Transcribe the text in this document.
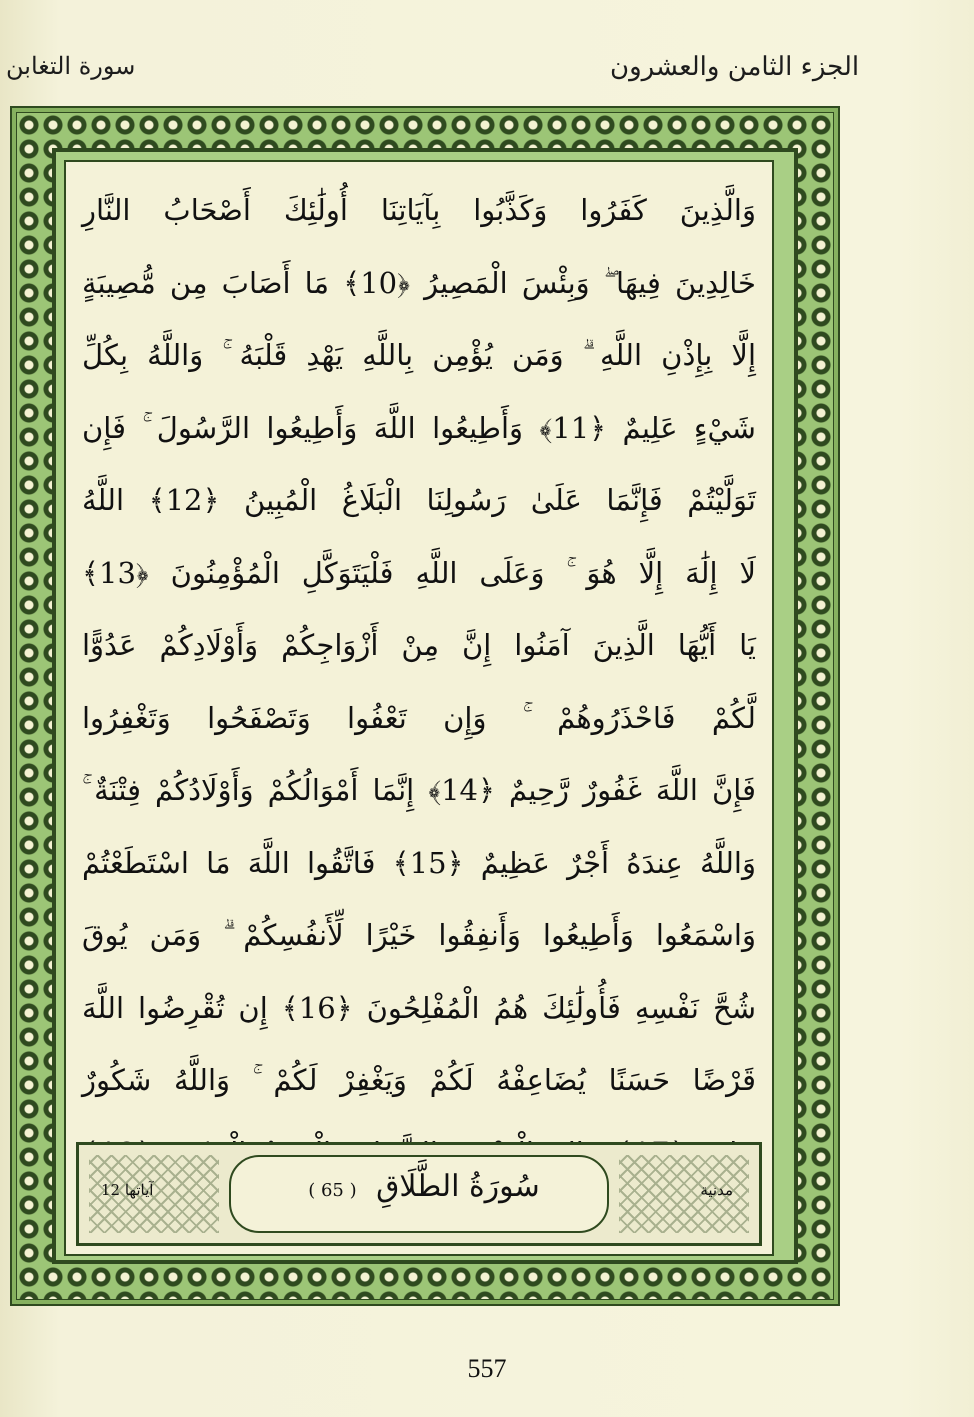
الجزء الثامن والعشرون
سورة التغابن
وَالَّذِينَ كَفَرُوا وَكَذَّبُوا بِآيَاتِنَا أُولَٰئِكَ أَصْحَابُ النَّارِ
خَالِدِينَ فِيهَا ۖ وَبِئْسَ الْمَصِيرُ ﴿10﴾ مَا أَصَابَ مِن مُّصِيبَةٍ
إِلَّا بِإِذْنِ اللَّهِ ۗ وَمَن يُؤْمِن بِاللَّهِ يَهْدِ قَلْبَهُ ۚ وَاللَّهُ بِكُلِّ
شَيْءٍ عَلِيمٌ ﴿11﴾ وَأَطِيعُوا اللَّهَ وَأَطِيعُوا الرَّسُولَ ۚ فَإِن
تَوَلَّيْتُمْ فَإِنَّمَا عَلَىٰ رَسُولِنَا الْبَلَاغُ الْمُبِينُ ﴿12﴾ اللَّهُ
لَا إِلَٰهَ إِلَّا هُوَ ۚ وَعَلَى اللَّهِ فَلْيَتَوَكَّلِ الْمُؤْمِنُونَ ﴿13﴾
يَا أَيُّهَا الَّذِينَ آمَنُوا إِنَّ مِنْ أَزْوَاجِكُمْ وَأَوْلَادِكُمْ عَدُوًّا
لَّكُمْ فَاحْذَرُوهُمْ ۚ وَإِن تَعْفُوا وَتَصْفَحُوا وَتَغْفِرُوا
فَإِنَّ اللَّهَ غَفُورٌ رَّحِيمٌ ﴿14﴾ إِنَّمَا أَمْوَالُكُمْ وَأَوْلَادُكُمْ فِتْنَةٌ ۚ
وَاللَّهُ عِندَهُ أَجْرٌ عَظِيمٌ ﴿15﴾ فَاتَّقُوا اللَّهَ مَا اسْتَطَعْتُمْ
وَاسْمَعُوا وَأَطِيعُوا وَأَنفِقُوا خَيْرًا لِّأَنفُسِكُمْ ۗ وَمَن يُوقَ
شُحَّ نَفْسِهِ فَأُولَٰئِكَ هُمُ الْمُفْلِحُونَ ﴿16﴾ إِن تُقْرِضُوا اللَّهَ
قَرْضًا حَسَنًا يُضَاعِفْهُ لَكُمْ وَيَغْفِرْ لَكُمْ ۚ وَاللَّهُ شَكُورٌ
سُورَةُ الطَّلَاقِ ( 65 )	مدنية
آياتها 12
557
